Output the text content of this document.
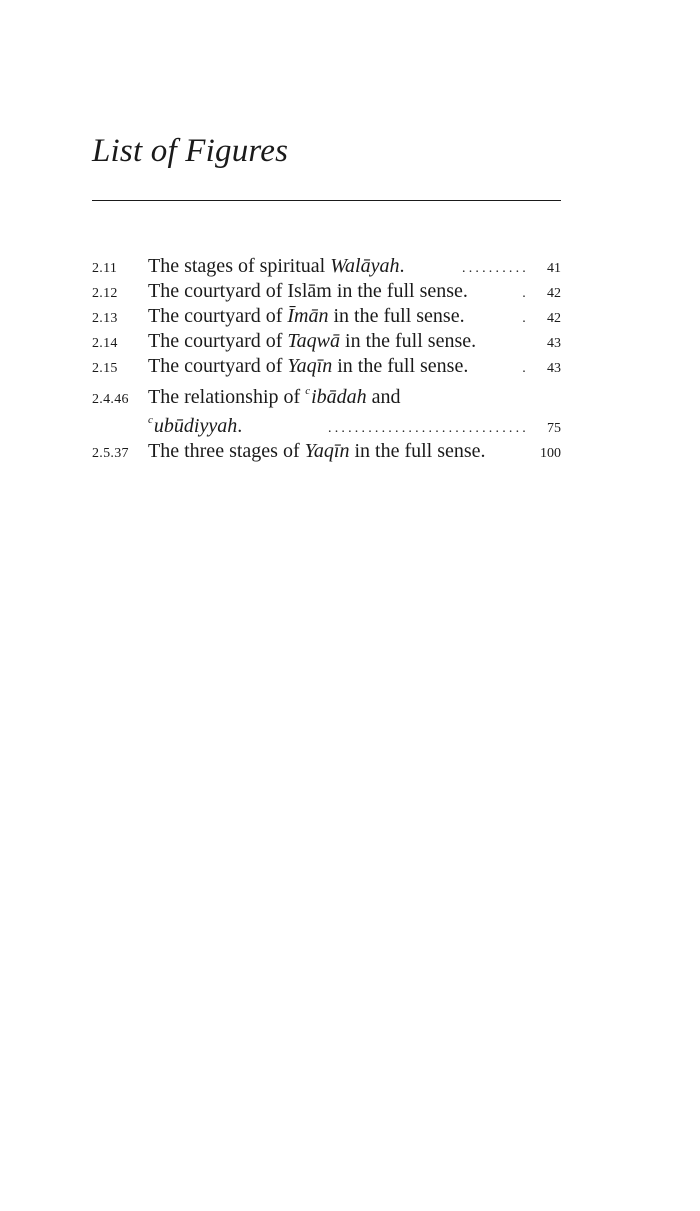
List of Figures
2.11	The stages of spiritual Walāyah.	..........	41
2.12	The courtyard of Islām in the full sense.	.	42
2.13	The courtyard of Īmān in the full sense.	.	42
2.14	The courtyard of Taqwā in the full sense.	43
2.15	The courtyard of Yaqīn in the full sense.	.	43
2.4.46 The relationship of $^c$ibādah and
$^c$ubūdiyyah.	..............................	75
2.5.37 The three stages of Yaqīn in the full sense.	100
